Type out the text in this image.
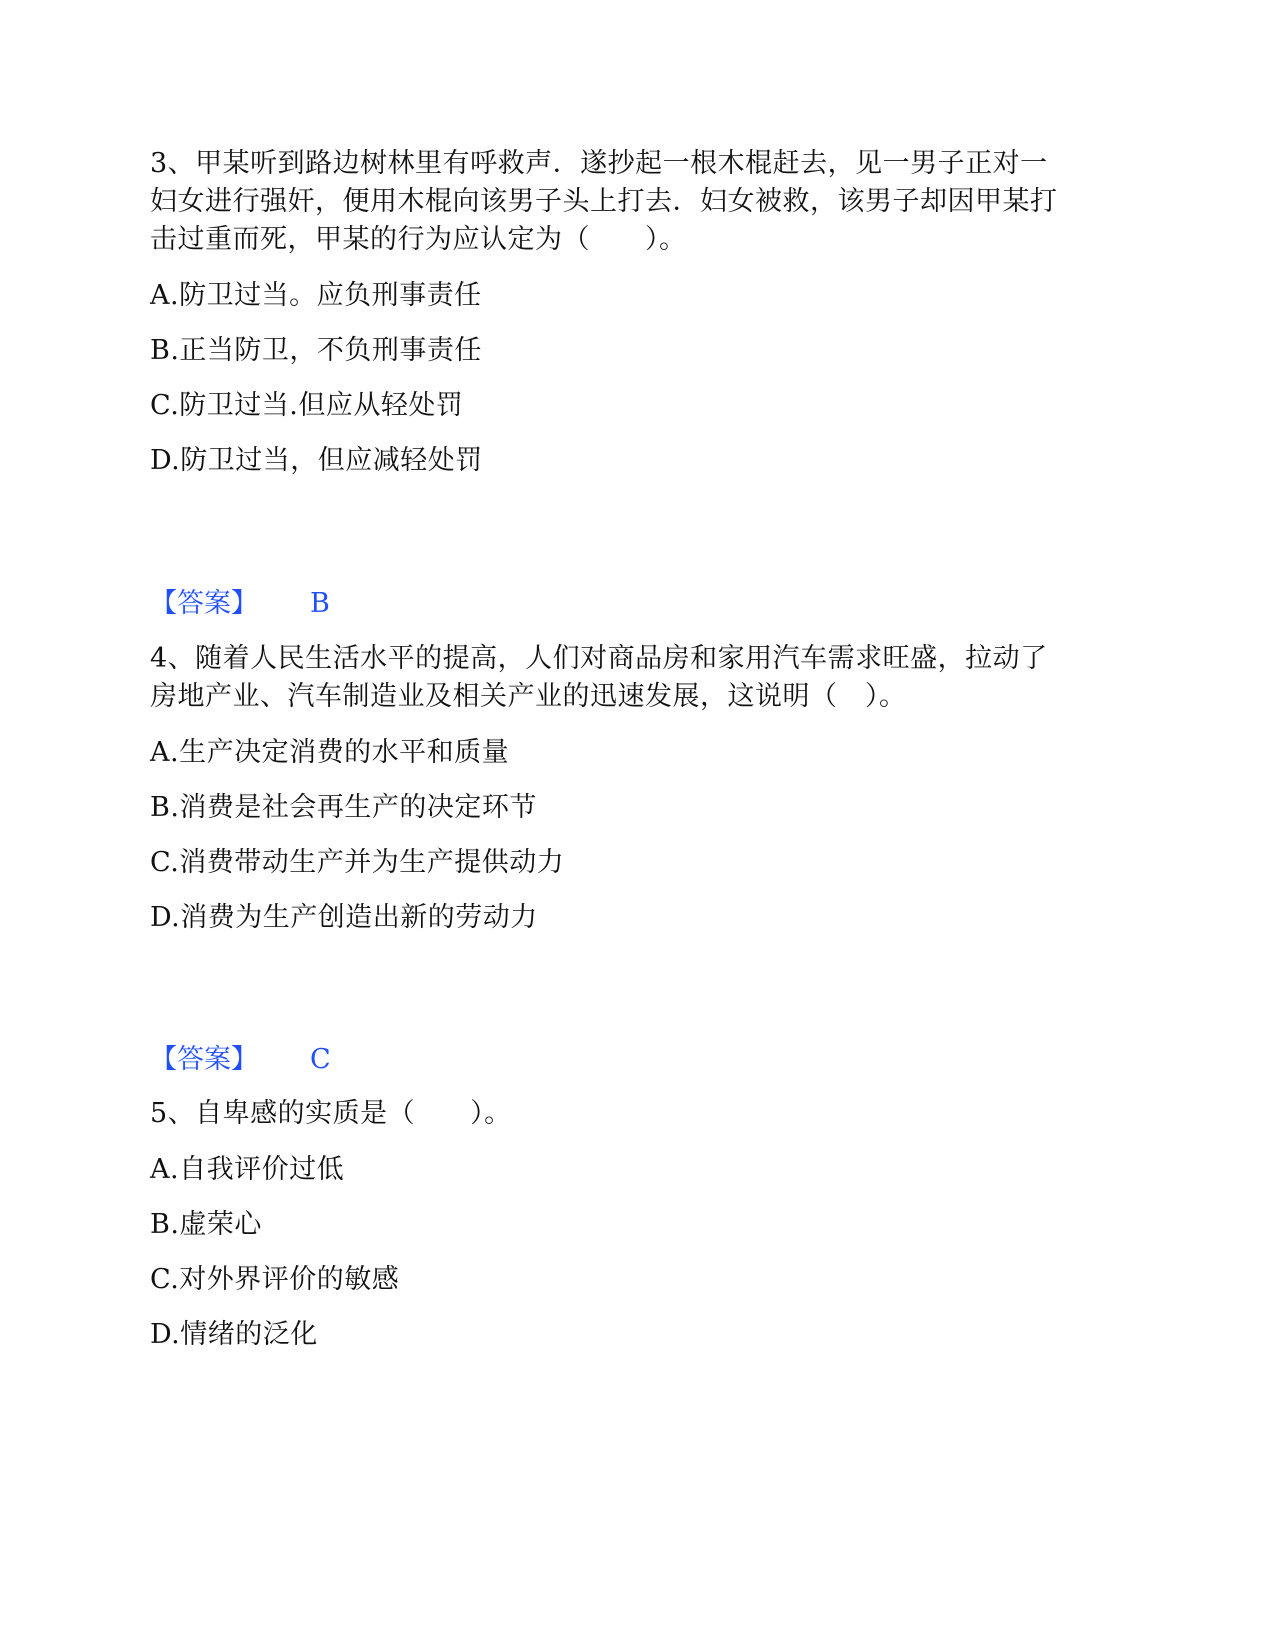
3、甲某听到路边树林里有呼救声．遂抄起一根木棍赶去，见一男子正对一
妇女进行强奸，便用木棍向该男子头上打去．妇女被救，该男子却因甲某打
击过重而死，甲某的行为应认定为（　　）。
A.防卫过当。应负刑事责任
B.正当防卫，不负刑事责任
C.防卫过当.但应从轻处罚
D.防卫过当，但应减轻处罚
【答案】 B
4、随着人民生活水平的提高，人们对商品房和家用汽车需求旺盛，拉动了
房地产业、汽车制造业及相关产业的迅速发展，这说明（　）。
A.生产决定消费的水平和质量
B.消费是社会再生产的决定环节
C.消费带动生产并为生产提供动力
D.消费为生产创造出新的劳动力
【答案】 C
5、自卑感的实质是（　　）。
A.自我评价过低
B.虚荣心
C.对外界评价的敏感
D.情绪的泛化
